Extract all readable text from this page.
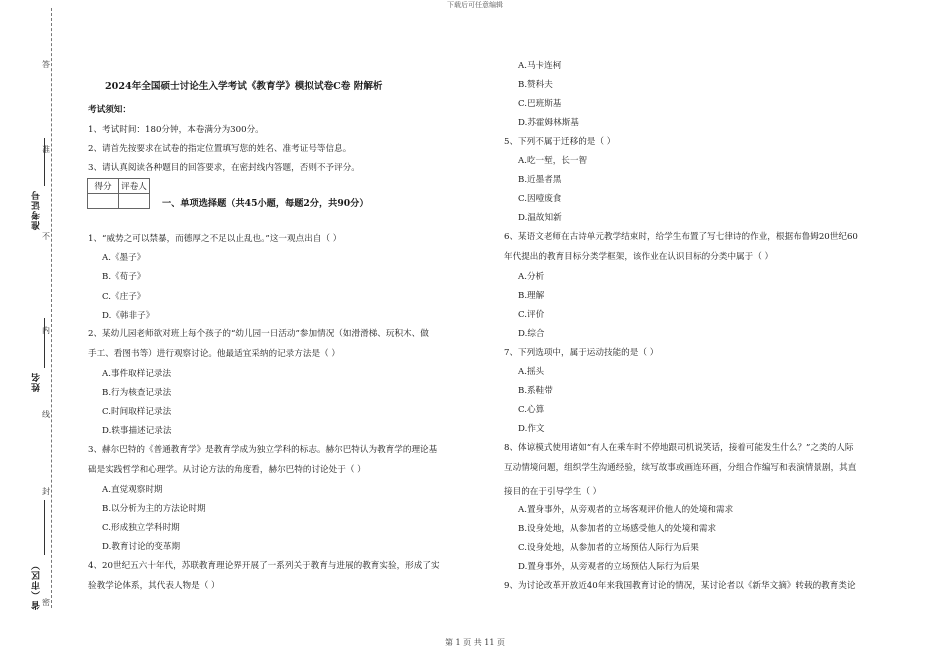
下载后可任意编辑
答
准
不
内
线
封
密
准考证号
姓名
省（市区）
2024年全国硕士讨论生入学考试《教育学》模拟试卷C卷 附解析
考试须知：
1、考试时间：180分钟，本卷满分为300分。
2、请首先按要求在试卷的指定位置填写您的姓名、准考证号等信息。
3、请认真阅读各种题目的回答要求，在密封线内答题，否则不予评分。
1、“威势之可以禁暴，而德厚之不足以止乱也。”这一观点出自（ ）
A.《墨子》
B.《荀子》
C.《庄子》
D.《韩非子》
2、某幼儿园老师欲对班上每个孩子的“幼儿园一日活动”参加情况（如滑滑梯、玩积木、做
手工、看图书等）进行观察讨论。他最适宜采纳的记录方法是（ ）
A.事件取样记录法
B.行为核查记录法
C.时间取样记录法
D.轶事描述记录法
3、赫尔巴特的《普通教育学》是教育学成为独立学科的标志。赫尔巴特认为教育学的理论基
础是实践哲学和心理学。从讨论方法的角度看，赫尔巴特的讨论处于（ ）
A.直觉观察时期
B.以分析为主的方法论时期
C.形成独立学科时期
D.教育讨论的变革期
4、20世纪五六十年代，苏联教育理论界开展了一系列关于教育与进展的教育实验，形成了实
验教学论体系，其代表人物是（ ）
得分	评卷人

一、单项选择题（共45小题，每题2分，共90分）
A.马卡连柯
B.赞科夫
C.巴班斯基
D.苏霍姆林斯基
5、下列不属于迁移的是（ ）
A.吃一堑，长一智
B.近墨者黑
C.因噎废食
D.温故知新
6、某语文老师在古诗单元教学结束时，给学生布置了写七律诗的作业，根据布鲁姆20世纪60
年代提出的教育目标分类学框架，该作业在认识目标的分类中属于（ ）
A.分析
B.理解
C.评价
D.综合
7、下列选项中，属于运动技能的是（ ）
A.摇头
B.系鞋带
C.心算
D.作文
8、体谅模式使用诸如“有人在乘车时不停地跟司机说笑话，接着可能发生什么？”之类的人际
互动情境问题，组织学生沟通经验，续写故事或画连环画，分组合作编写和表演情景剧，其直
接目的在于引导学生（ ）
A.置身事外，从旁观者的立场客观评价他人的处境和需求
B.设身处地，从参加者的立场感受他人的处境和需求
C.设身处地，从参加者的立场预估人际行为后果
D.置身事外，从旁观者的立场预估人际行为后果
9、为讨论改革开放近40年来我国教育讨论的情况，某讨论者以《新华文摘》转载的教育类论
第 1 页 共 11 页
